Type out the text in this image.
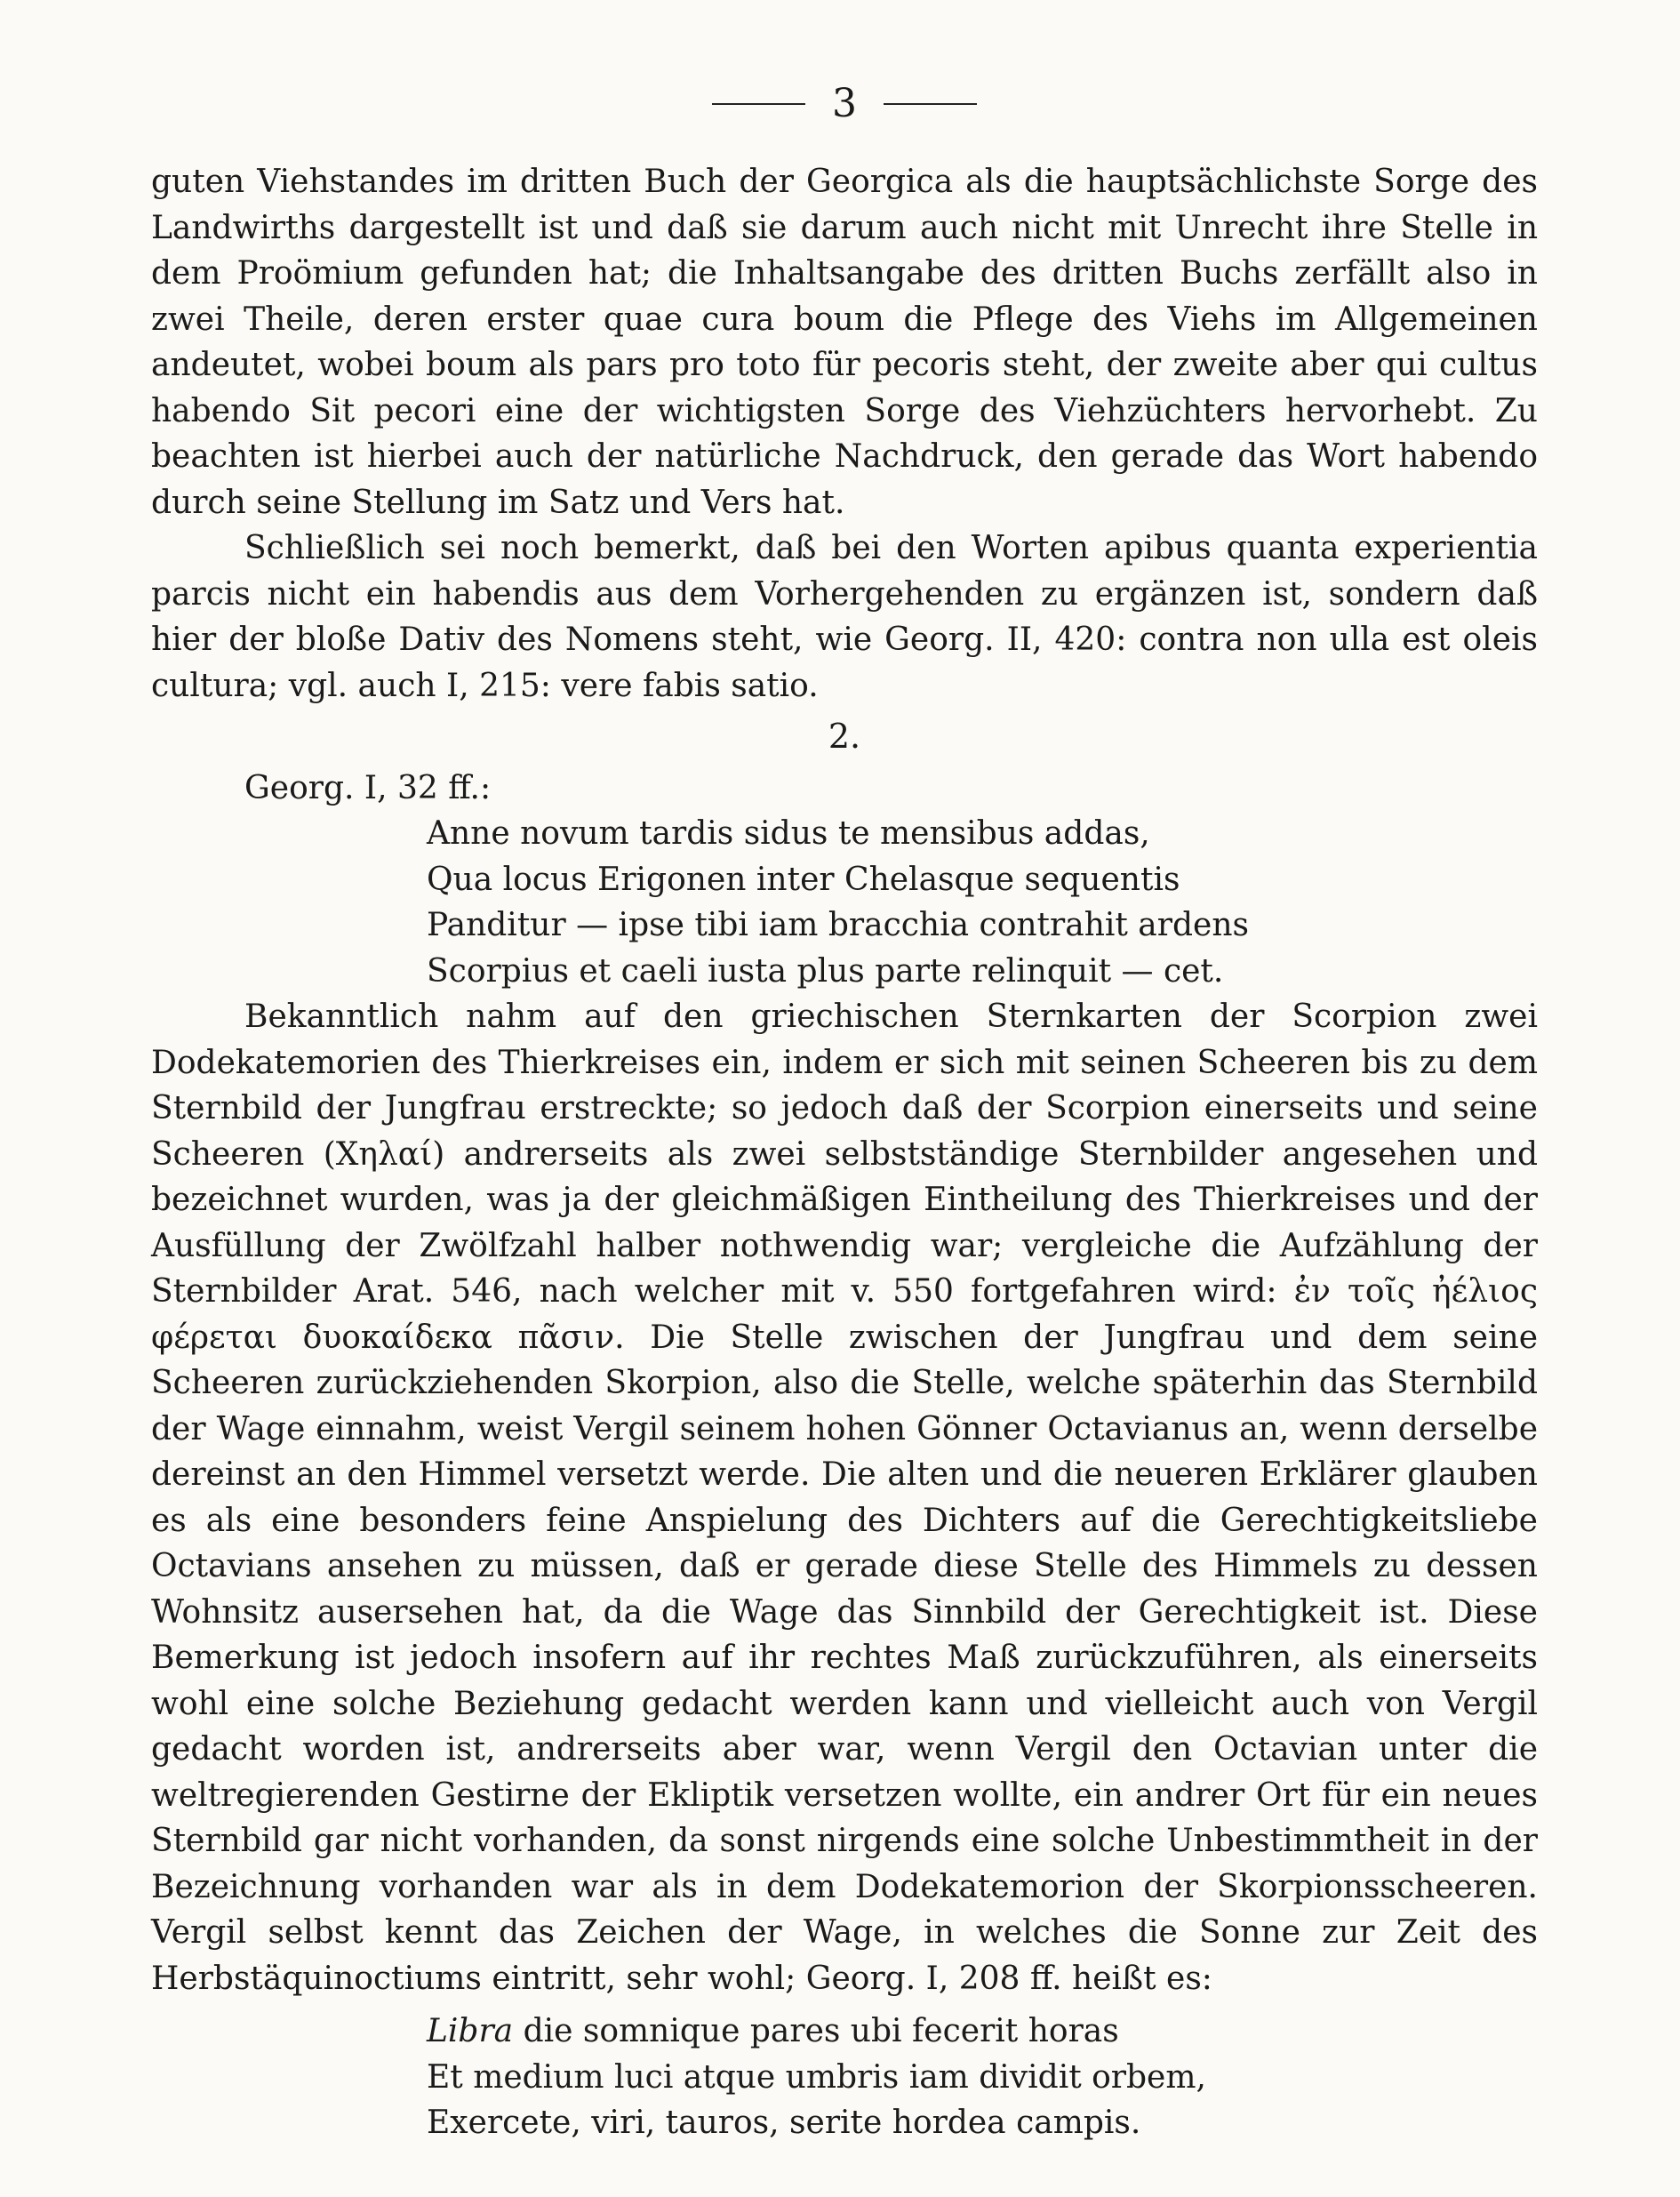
3

guten Viehstandes im dritten Buch der Georgica als die hauptsächlichste Sorge des Landwirths dargestellt ist und daß sie darum auch nicht mit Unrecht ihre Stelle in dem Proömium gefunden hat; die Inhaltsangabe des dritten Buchs zerfällt also in zwei Theile, deren erster quae cura boum die Pflege des Viehs im Allgemeinen andeutet, wobei boum als pars pro toto für pecoris steht, der zweite aber qui cultus habendo Sit pecori eine der wichtigsten Sorge des Viehzüchters hervorhebt. Zu beachten ist hierbei auch der natürliche Nachdruck, den gerade das Wort habendo durch seine Stellung im Satz und Vers hat.

Schließlich sei noch bemerkt, daß bei den Worten apibus quanta experientia parcis nicht ein habendis aus dem Vorhergehenden zu ergänzen ist, sondern daß hier der bloße Dativ des Nomens steht, wie Georg. II, 420: contra non ulla est oleis cultura; vgl. auch I, 215: vere fabis satio.

2.
Georg. I, 32 ff.:
Anne novum tardis sidus te mensibus addas,
Qua locus Erigonen inter Chelasque sequentis
Panditur — ipse tibi iam bracchia contrahit ardens
Scorpius et caeli iusta plus parte relinquit — cet.

Bekanntlich nahm auf den griechischen Sternkarten der Scorpion zwei Dodekatemorien des Thierkreises ein, indem er sich mit seinen Scheeren bis zu dem Sternbild der Jungfrau erstreckte; so jedoch daß der Scorpion einerseits und seine Scheeren (Χηλαί) andrerseits als zwei selbstständige Sternbilder angesehen und bezeichnet wurden, was ja der gleichmäßigen Eintheilung des Thierkreises und der Ausfüllung der Zwölfzahl halber nothwendig war; vergleiche die Aufzählung der Sternbilder Arat. 546, nach welcher mit v. 550 fortgefahren wird: ἐν τοῖς ἠέλιος φέρεται δυοκαίδεκα πᾶσιν. Die Stelle zwischen der Jungfrau und dem seine Scheeren zurückziehenden Skorpion, also die Stelle, welche späterhin das Sternbild der Wage einnahm, weist Vergil seinem hohen Gönner Octavianus an, wenn derselbe dereinst an den Himmel versetzt werde. Die alten und die neueren Erklärer glauben es als eine besonders feine Anspielung des Dichters auf die Gerechtigkeitsliebe Octavians ansehen zu müssen, daß er gerade diese Stelle des Himmels zu dessen Wohnsitz ausersehen hat, da die Wage das Sinnbild der Gerechtigkeit ist. Diese Bemerkung ist jedoch insofern auf ihr rechtes Maß zurückzuführen, als einerseits wohl eine solche Beziehung gedacht werden kann und vielleicht auch von Vergil gedacht worden ist, andrerseits aber war, wenn Vergil den Octavian unter die weltregierenden Gestirne der Ekliptik versetzen wollte, ein andrer Ort für ein neues Sternbild gar nicht vorhanden, da sonst nirgends eine solche Unbestimmtheit in der Bezeichnung vorhanden war als in dem Dodekatemorion der Skorpionsscheeren. Vergil selbst kennt das Zeichen der Wage, in welches die Sonne zur Zeit des Herbstäquinoctiums eintritt, sehr wohl; Georg. I, 208 ff. heißt es:

Libra die somnique pares ubi fecerit horas
Et medium luci atque umbris iam dividit orbem,
Exercete, viri, tauros, serite hordea campis.
